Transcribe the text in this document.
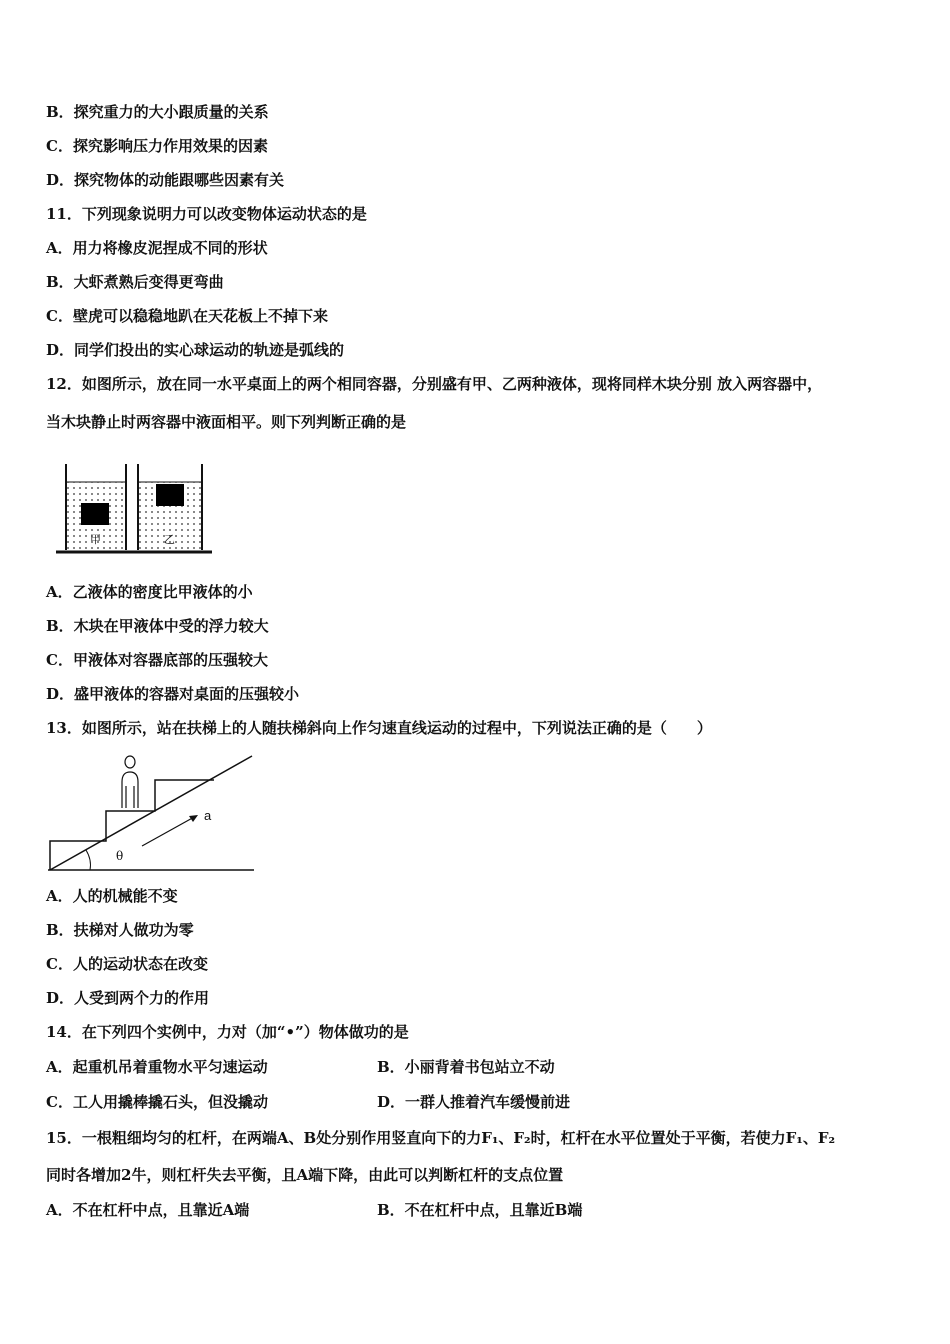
B．探究重力的大小跟质量的关系
C．探究影响压力作用效果的因素
D．探究物体的动能跟哪些因素有关
11．下列现象说明力可以改变物体运动状态的是
A．用力将橡皮泥捏成不同的形状
B．大虾煮熟后变得更弯曲
C．壁虎可以稳稳地趴在天花板上不掉下来
D．同学们投出的实心球运动的轨迹是弧线的
12．如图所示，放在同一水平桌面上的两个相同容器，分别盛有甲、乙两种液体，现将同样木块分别 放入两容器中，
当木块静止时两容器中液面相平。则下列判断正确的是
甲	乙
A．乙液体的密度比甲液体的小
B．木块在甲液体中受的浮力较大
C．甲液体对容器底部的压强较大
D．盛甲液体的容器对桌面的压强较小
13．如图所示，站在扶梯上的人随扶梯斜向上作匀速直线运动的过程中，下列说法正确的是（　　）
a
θ
A．人的机械能不变
B．扶梯对人做功为零
C．人的运动状态在改变
D．人受到两个力的作用
14．在下列四个实例中，力对（加“•”）物体做功的是
A．起重机吊着重物水平匀速运动	B．小丽背着书包站立不动
C．工人用撬棒撬石头，但没撬动	D．一群人推着汽车缓慢前进
15．一根粗细均匀的杠杆，在两端A、B处分别作用竖直向下的力F₁、F₂时，杠杆在水平位置处于平衡，若使力F₁、F₂
同时各增加2牛，则杠杆失去平衡，且A端下降，由此可以判断杠杆的支点位置
A．不在杠杆中点，且靠近A端	B．不在杠杆中点，且靠近B端
